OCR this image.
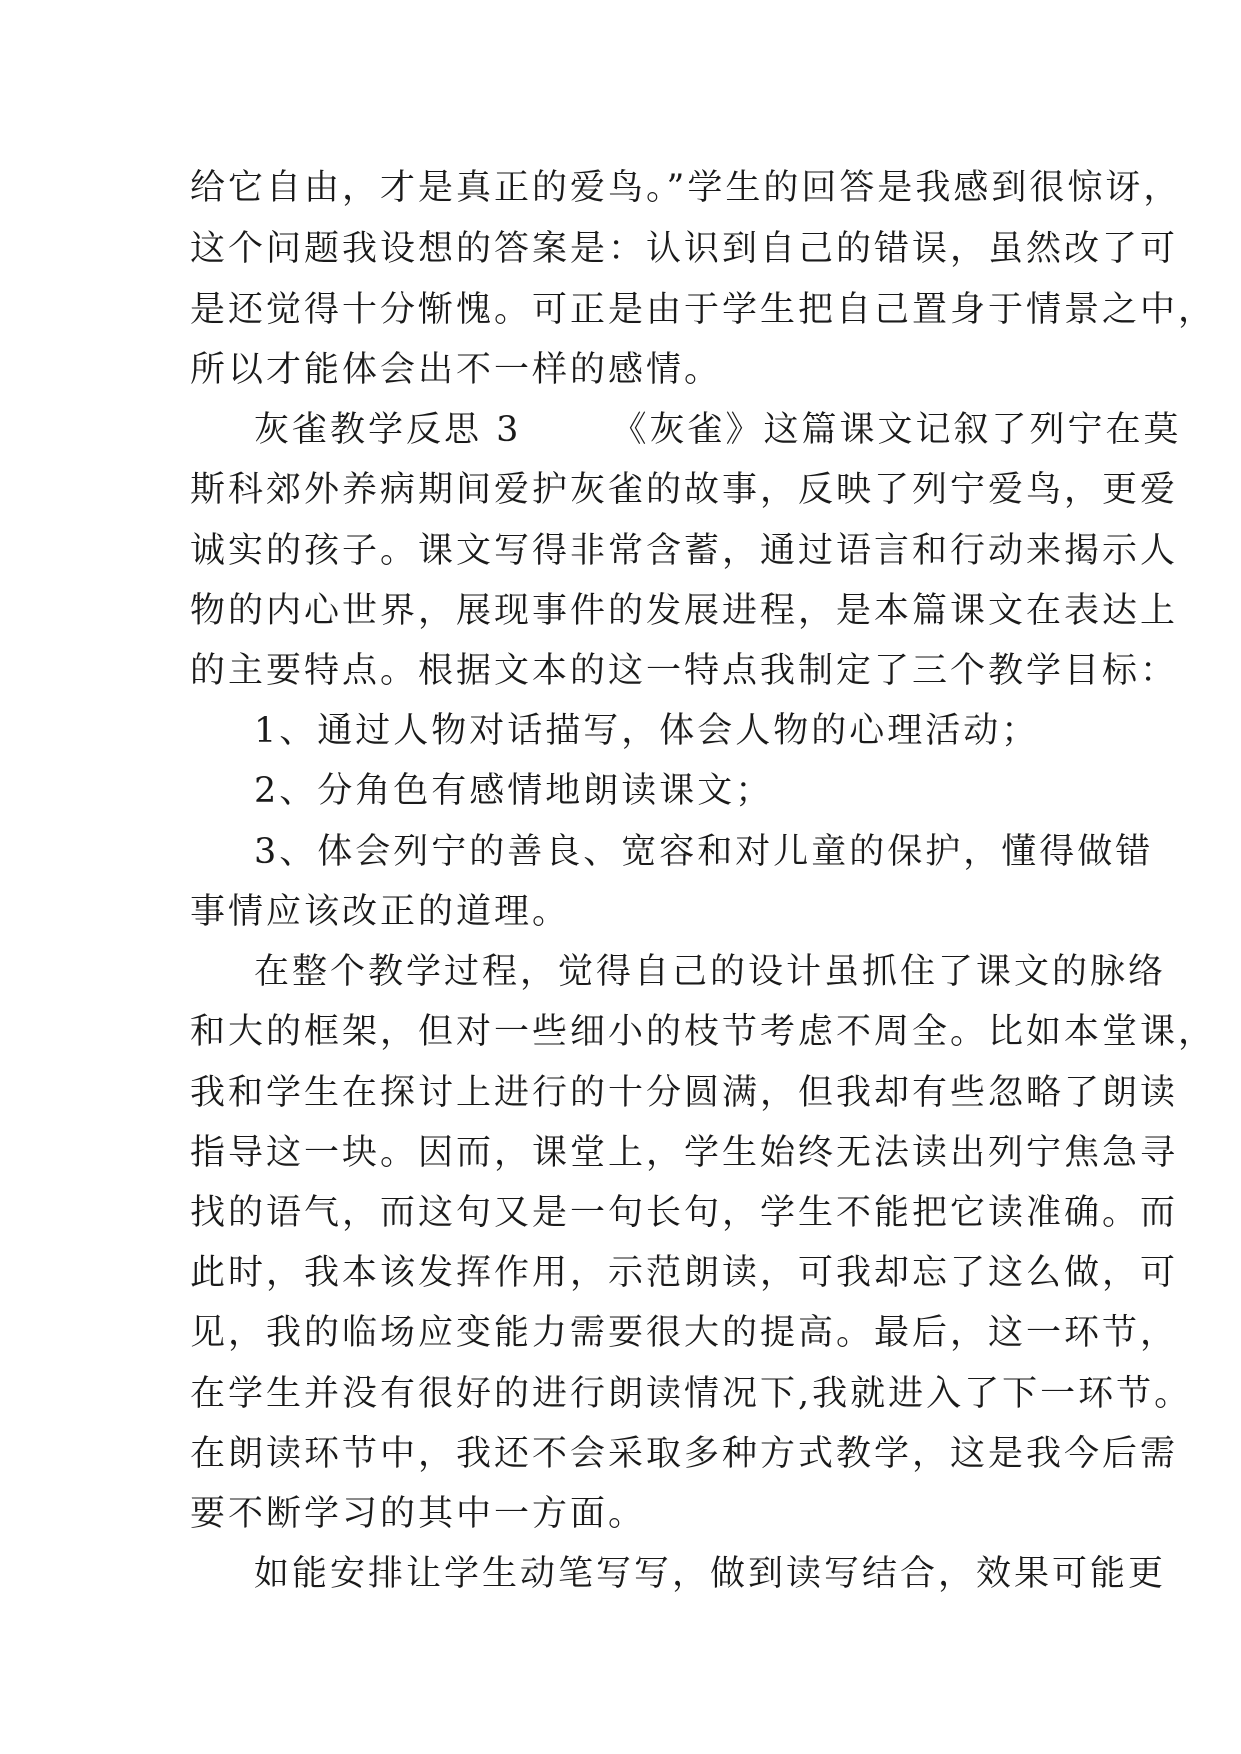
给它自由，才是真正的爱鸟。”学生的回答是我感到很惊讶，
这个问题我设想的答案是：认识到自己的错误，虽然改了可
是还觉得十分惭愧。可正是由于学生把自己置身于情景之中，
所以才能体会出不一样的感情。
灰雀教学反思 3　　 《灰雀》这篇课文记叙了列宁在莫
斯科郊外养病期间爱护灰雀的故事，反映了列宁爱鸟，更爱
诚实的孩子。课文写得非常含蓄，通过语言和行动来揭示人
物的内心世界，展现事件的发展进程，是本篇课文在表达上
的主要特点。根据文本的这一特点我制定了三个教学目标：
1、通过人物对话描写，体会人物的心理活动；
2、分角色有感情地朗读课文；
3、体会列宁的善良、宽容和对儿童的保护，懂得做错
事情应该改正的道理。
在整个教学过程，觉得自己的设计虽抓住了课文的脉络
和大的框架，但对一些细小的枝节考虑不周全。比如本堂课，
我和学生在探讨上进行的十分圆满，但我却有些忽略了朗读
指导这一块。因而，课堂上，学生始终无法读出列宁焦急寻
找的语气，而这句又是一句长句，学生不能把它读准确。而
此时，我本该发挥作用，示范朗读，可我却忘了这么做，可
见，我的临场应变能力需要很大的提高。最后，这一环节，
在学生并没有很好的进行朗读情况下,我就进入了下一环节。
在朗读环节中，我还不会采取多种方式教学，这是我今后需
要不断学习的其中一方面。
如能安排让学生动笔写写，做到读写结合，效果可能更
